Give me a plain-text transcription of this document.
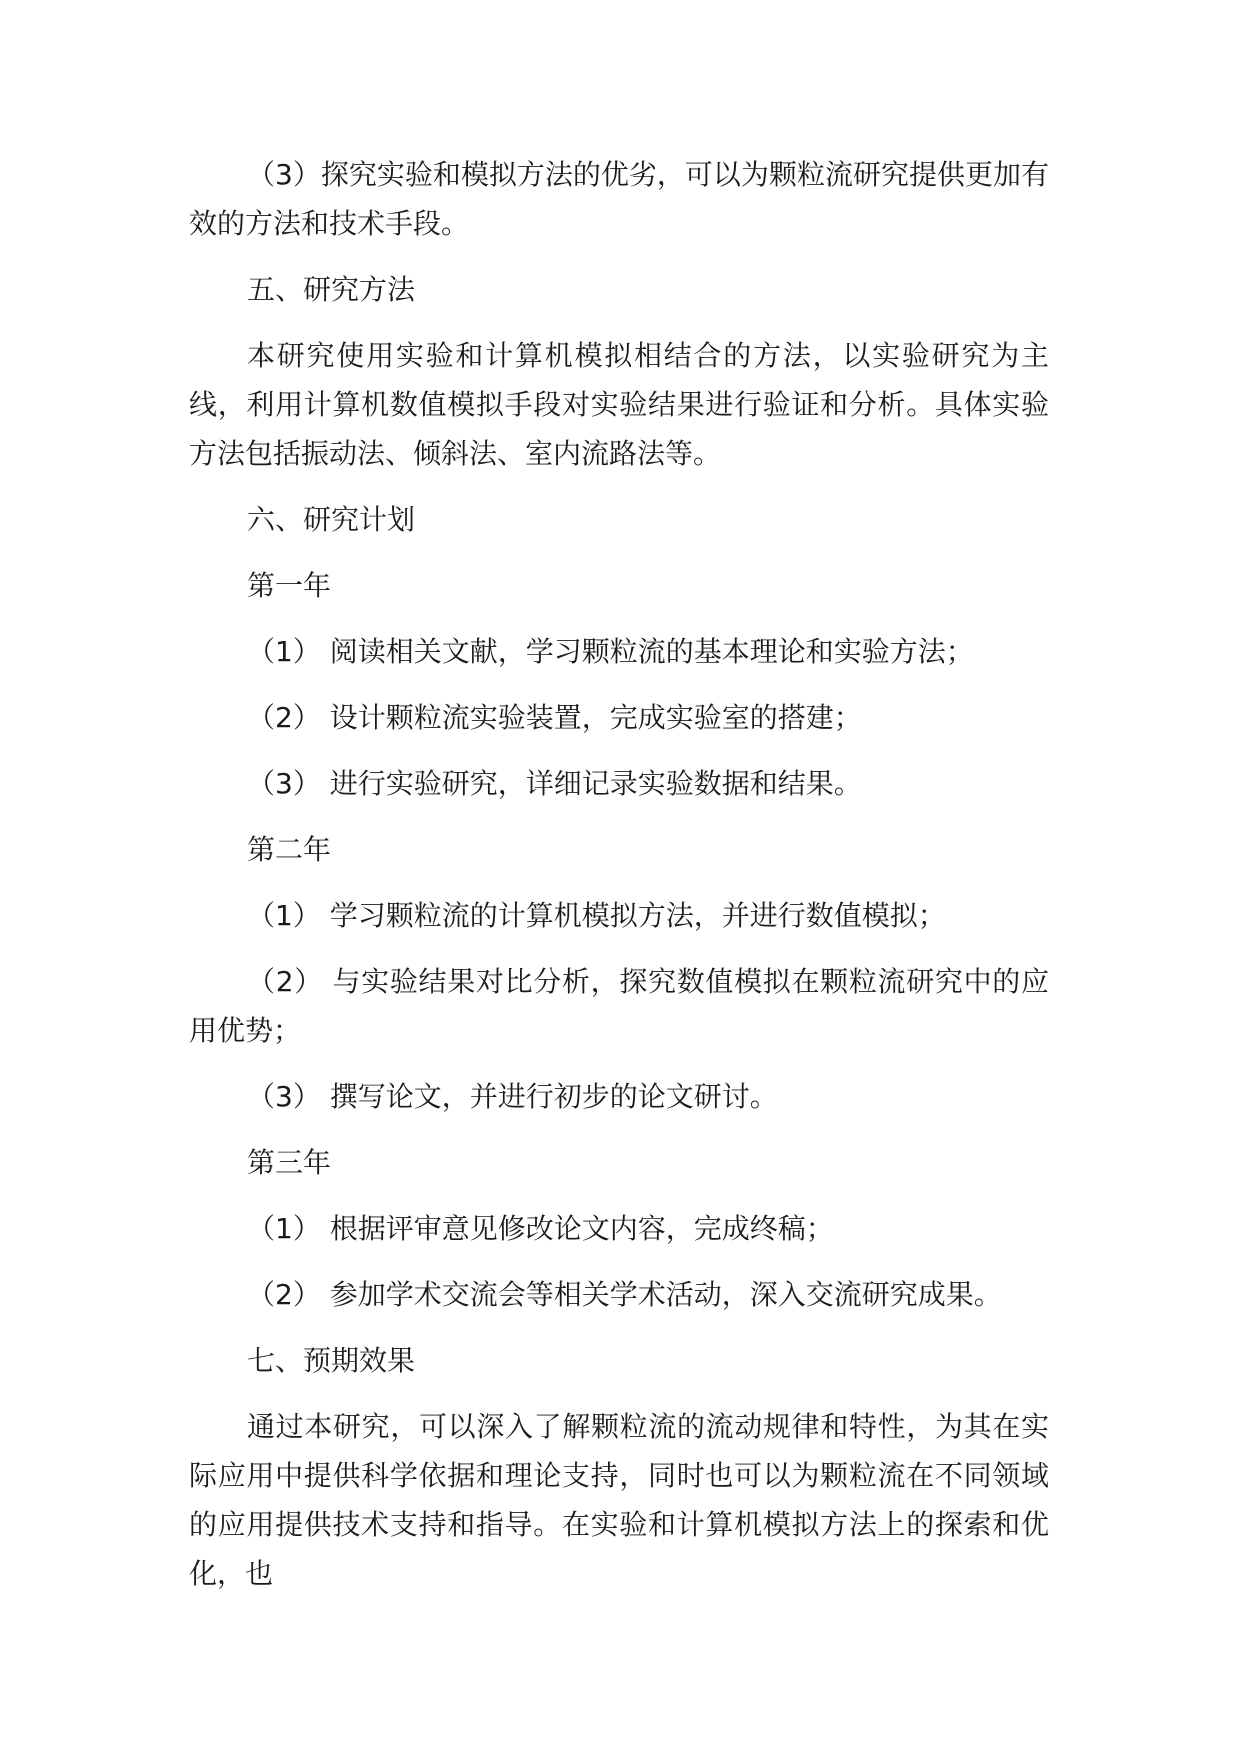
（3）探究实验和模拟方法的优劣，可以为颗粒流研究提供更加有效的方法和技术手段。

五、研究方法

本研究使用实验和计算机模拟相结合的方法，以实验研究为主线，利用计算机数值模拟手段对实验结果进行验证和分析。具体实验方法包括振动法、倾斜法、室内流路法等。

六、研究计划

第一年

（1） 阅读相关文献，学习颗粒流的基本理论和实验方法；

（2） 设计颗粒流实验装置，完成实验室的搭建；

（3） 进行实验研究，详细记录实验数据和结果。

第二年

（1） 学习颗粒流的计算机模拟方法，并进行数值模拟；

（2） 与实验结果对比分析，探究数值模拟在颗粒流研究中的应用优势；

（3） 撰写论文，并进行初步的论文研讨。

第三年

（1） 根据评审意见修改论文内容，完成终稿；

（2） 参加学术交流会等相关学术活动，深入交流研究成果。

七、预期效果

通过本研究，可以深入了解颗粒流的流动规律和特性，为其在实际应用中提供科学依据和理论支持，同时也可以为颗粒流在不同领域的应用提供技术支持和指导。在实验和计算机模拟方法上的探索和优化，也
